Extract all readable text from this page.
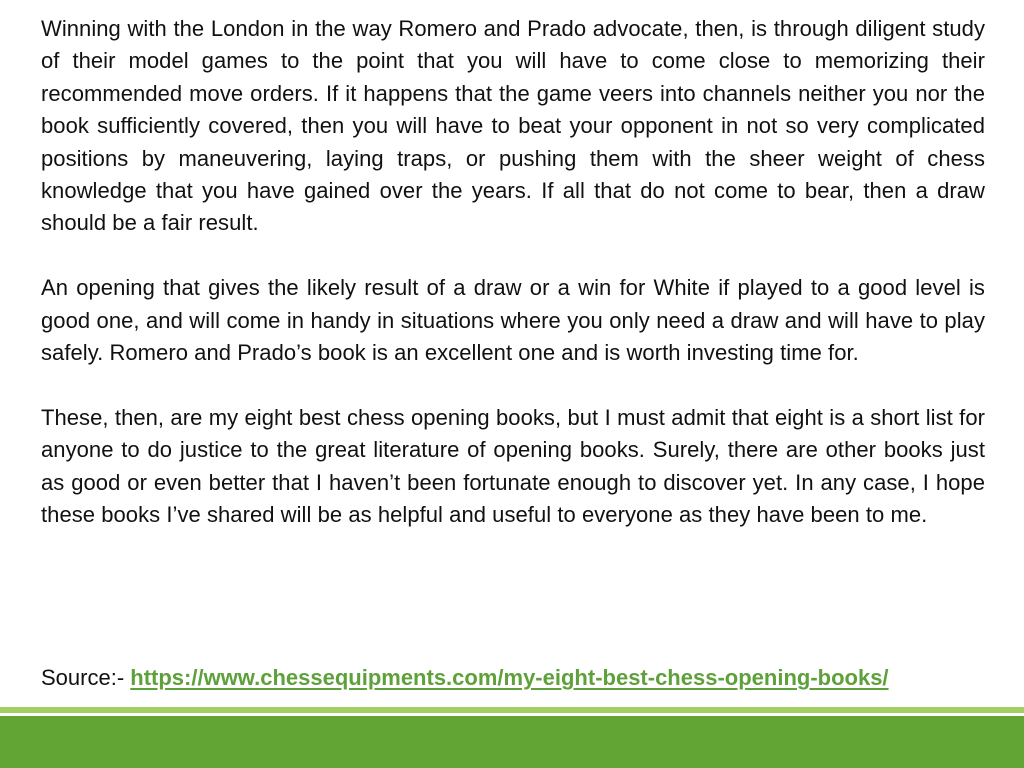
Winning with the London in the way Romero and Prado advocate, then, is through diligent study of their model games to the point that you will have to come close to memorizing their recommended move orders. If it happens that the game veers into channels neither you nor the book sufficiently covered, then you will have to beat your opponent in not so very complicated positions by maneuvering, laying traps, or pushing them with the sheer weight of chess knowledge that you have gained over the years. If all that do not come to bear, then a draw should be a fair result.

An opening that gives the likely result of a draw or a win for White if played to a good level is good one, and will come in handy in situations where you only need a draw and will have to play safely. Romero and Prado’s book is an excellent one and is worth investing time for.

These, then, are my eight best chess opening books, but I must admit that eight is a short list for anyone to do justice to the great literature of opening books. Surely, there are other books just as good or even better that I haven’t been fortunate enough to discover yet. In any case, I hope these books I’ve shared will be as helpful and useful to everyone as they have been to me.

Source:- https://www.chessequipments.com/my-eight-best-chess-opening-books/
